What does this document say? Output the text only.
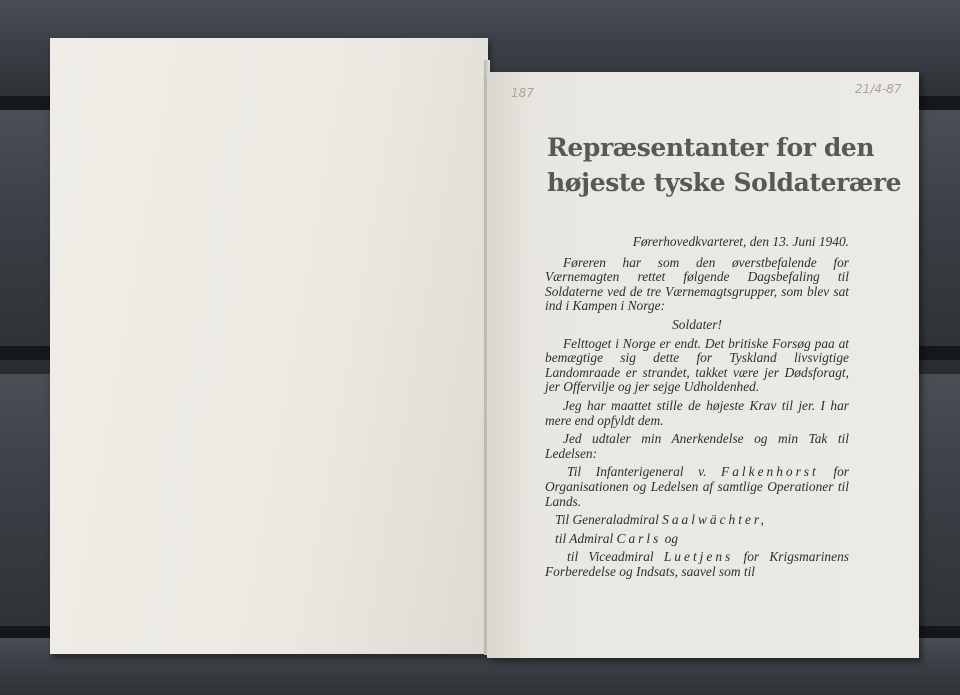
187	21/4-87
Repræsentanter for den
højeste tyske Soldaterære

Førerhovedkvarteret, den 13. Juni 1940.

Føreren har som den øverstbefalende for Værnemagten rettet følgende Dagsbefaling til Soldaterne ved de tre Værnemagtsgrupper, som blev sat ind i Kampen i Norge:

Soldater!

Felttoget i Norge er endt. Det britiske Forsøg paa at bemægtige sig dette for Tyskland livsvigtige Landomraade er strandet, takket være jer Dødsforagt, jer Offervilje og jer sejge Udholdenhed.

Jeg har maattet stille de højeste Krav til jer. I har mere end opfyldt dem.

Jed udtaler min Anerkendelse og min Tak til Ledelsen:

Til Infanterigeneral v. Falkenhorst for Organisationen og Ledelsen af samtlige Operationer til Lands.

Til Generaladmiral Saalwächter,

til Admiral Carls og

til Viceadmiral Luetjens for Krigsmarinens Forberedelse og Indsats, saavel som til
